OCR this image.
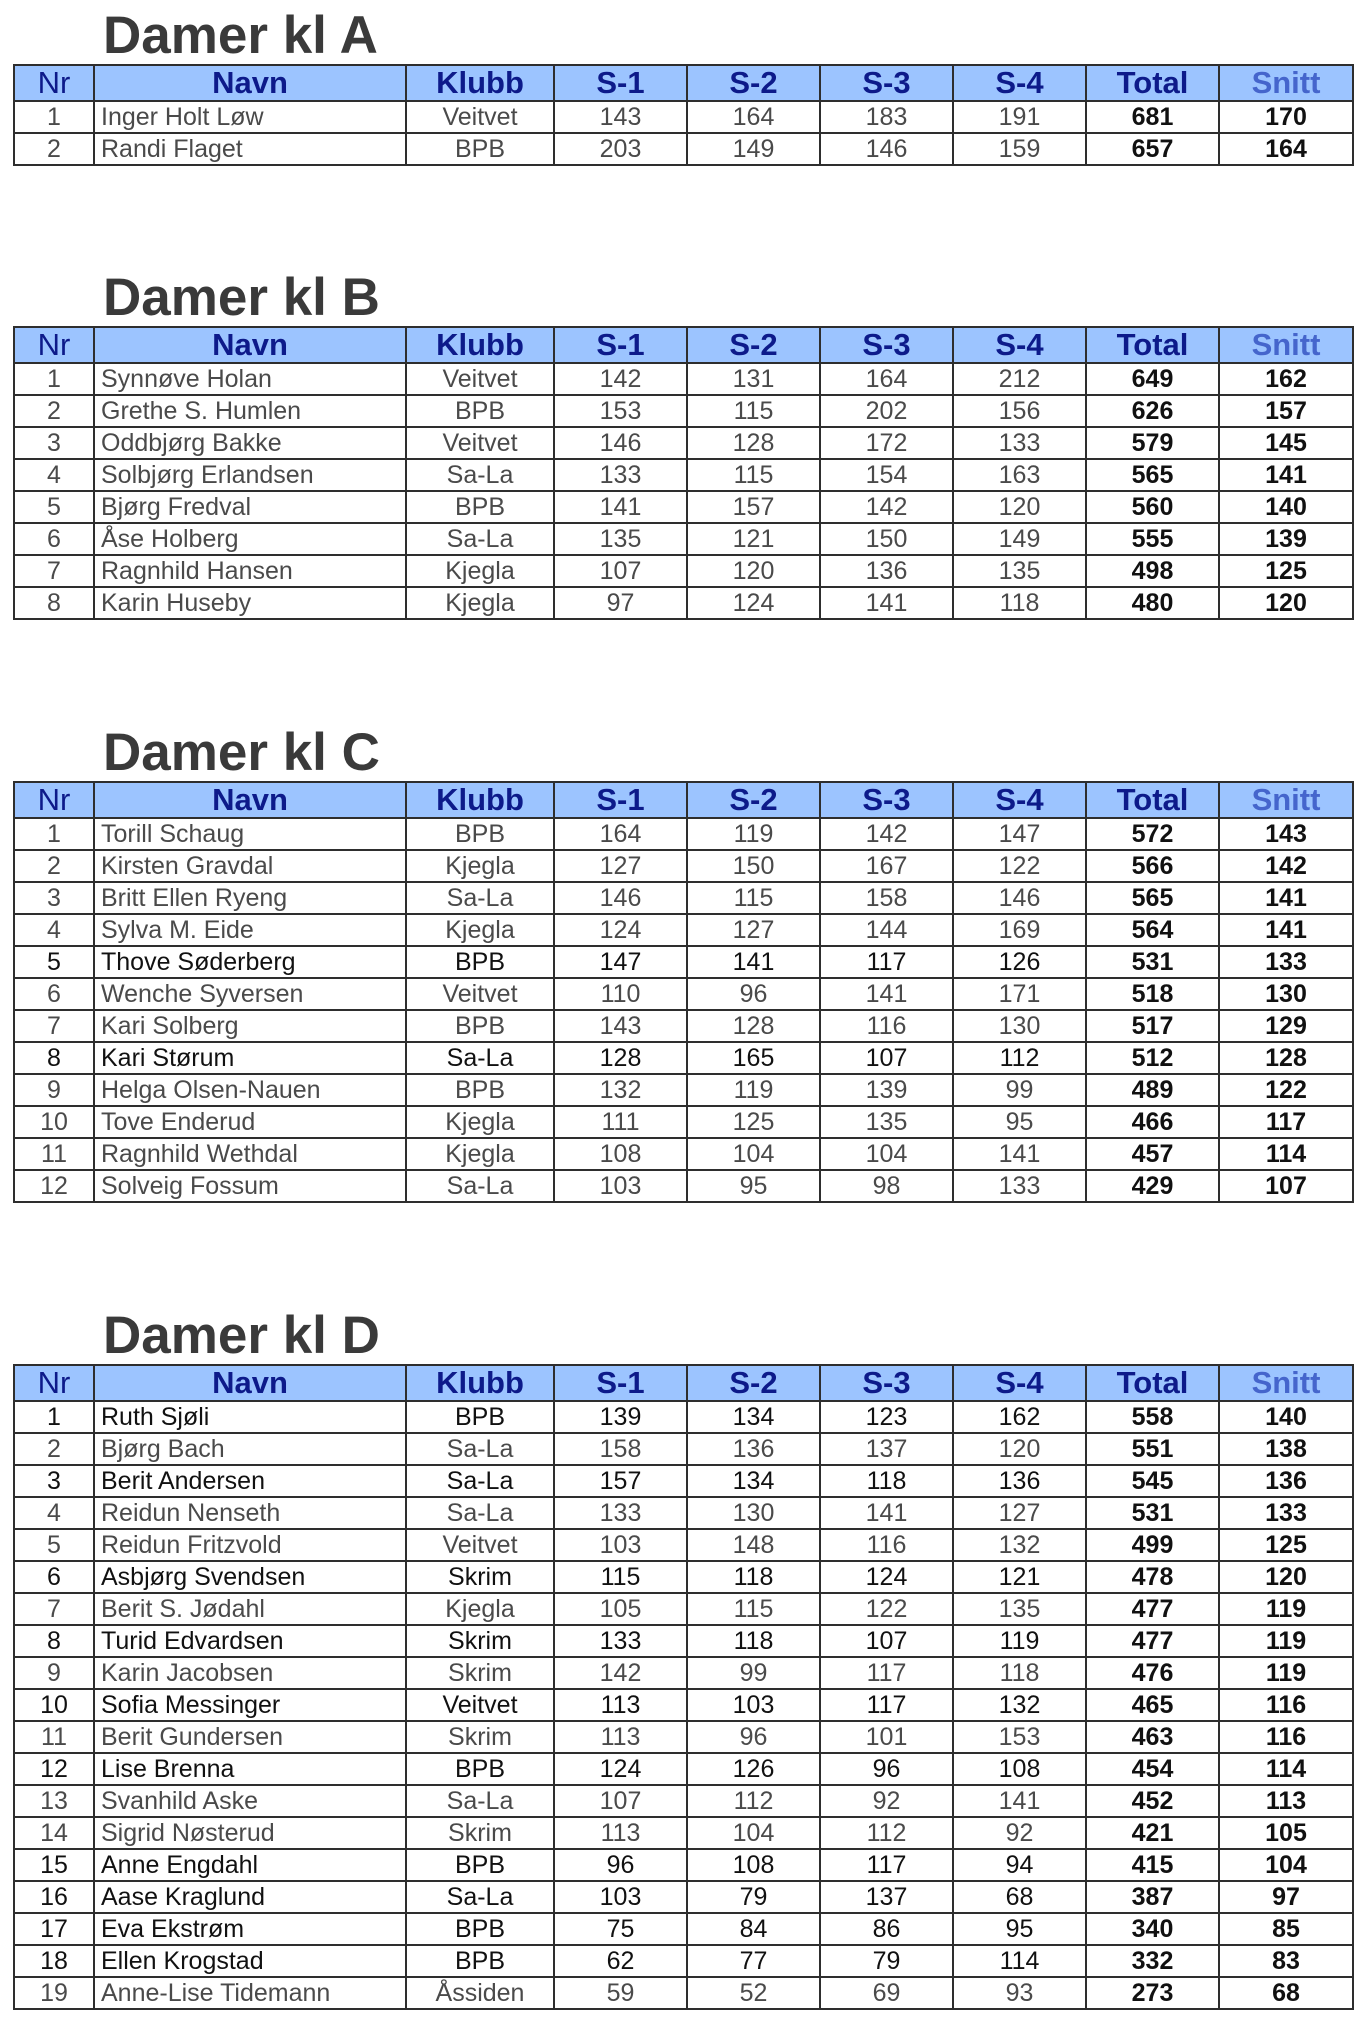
Damer kl A
Nr	Navn	Klubb	S-1	S-2	S-3	S-4	Total	Snitt
1	Inger Holt Løw	Veitvet	143	164	183	191	681	170
2	Randi Flaget	BPB	203	149	146	159	657	164
Damer kl B
Nr	Navn	Klubb	S-1	S-2	S-3	S-4	Total	Snitt
1	Synnøve Holan	Veitvet	142	131	164	212	649	162
2	Grethe S. Humlen	BPB	153	115	202	156	626	157
3	Oddbjørg Bakke	Veitvet	146	128	172	133	579	145
4	Solbjørg Erlandsen	Sa-La	133	115	154	163	565	141
5	Bjørg Fredval	BPB	141	157	142	120	560	140
6	Åse Holberg	Sa-La	135	121	150	149	555	139
7	Ragnhild Hansen	Kjegla	107	120	136	135	498	125
8	Karin Huseby	Kjegla	97	124	141	118	480	120
Damer kl C
Nr	Navn	Klubb	S-1	S-2	S-3	S-4	Total	Snitt
1	Torill Schaug	BPB	164	119	142	147	572	143
2	Kirsten Gravdal	Kjegla	127	150	167	122	566	142
3	Britt Ellen Ryeng	Sa-La	146	115	158	146	565	141
4	Sylva M. Eide	Kjegla	124	127	144	169	564	141
5	Thove Søderberg	BPB	147	141	117	126	531	133
6	Wenche Syversen	Veitvet	110	96	141	171	518	130
7	Kari Solberg	BPB	143	128	116	130	517	129
8	Kari Størum	Sa-La	128	165	107	112	512	128
9	Helga Olsen-Nauen	BPB	132	119	139	99	489	122
10	Tove Enderud	Kjegla	111	125	135	95	466	117
11	Ragnhild Wethdal	Kjegla	108	104	104	141	457	114
12	Solveig Fossum	Sa-La	103	95	98	133	429	107
Damer kl D
Nr	Navn	Klubb	S-1	S-2	S-3	S-4	Total	Snitt
1	Ruth Sjøli	BPB	139	134	123	162	558	140
2	Bjørg Bach	Sa-La	158	136	137	120	551	138
3	Berit Andersen	Sa-La	157	134	118	136	545	136
4	Reidun Nenseth	Sa-La	133	130	141	127	531	133
5	Reidun Fritzvold	Veitvet	103	148	116	132	499	125
6	Asbjørg Svendsen	Skrim	115	118	124	121	478	120
7	Berit S. Jødahl	Kjegla	105	115	122	135	477	119
8	Turid Edvardsen	Skrim	133	118	107	119	477	119
9	Karin Jacobsen	Skrim	142	99	117	118	476	119
10	Sofia Messinger	Veitvet	113	103	117	132	465	116
11	Berit Gundersen	Skrim	113	96	101	153	463	116
12	Lise Brenna	BPB	124	126	96	108	454	114
13	Svanhild Aske	Sa-La	107	112	92	141	452	113
14	Sigrid Nøsterud	Skrim	113	104	112	92	421	105
15	Anne Engdahl	BPB	96	108	117	94	415	104
16	Aase Kraglund	Sa-La	103	79	137	68	387	97
17	Eva Ekstrøm	BPB	75	84	86	95	340	85
18	Ellen Krogstad	BPB	62	77	79	114	332	83
19	Anne-Lise Tidemann	Åssiden	59	52	69	93	273	68
